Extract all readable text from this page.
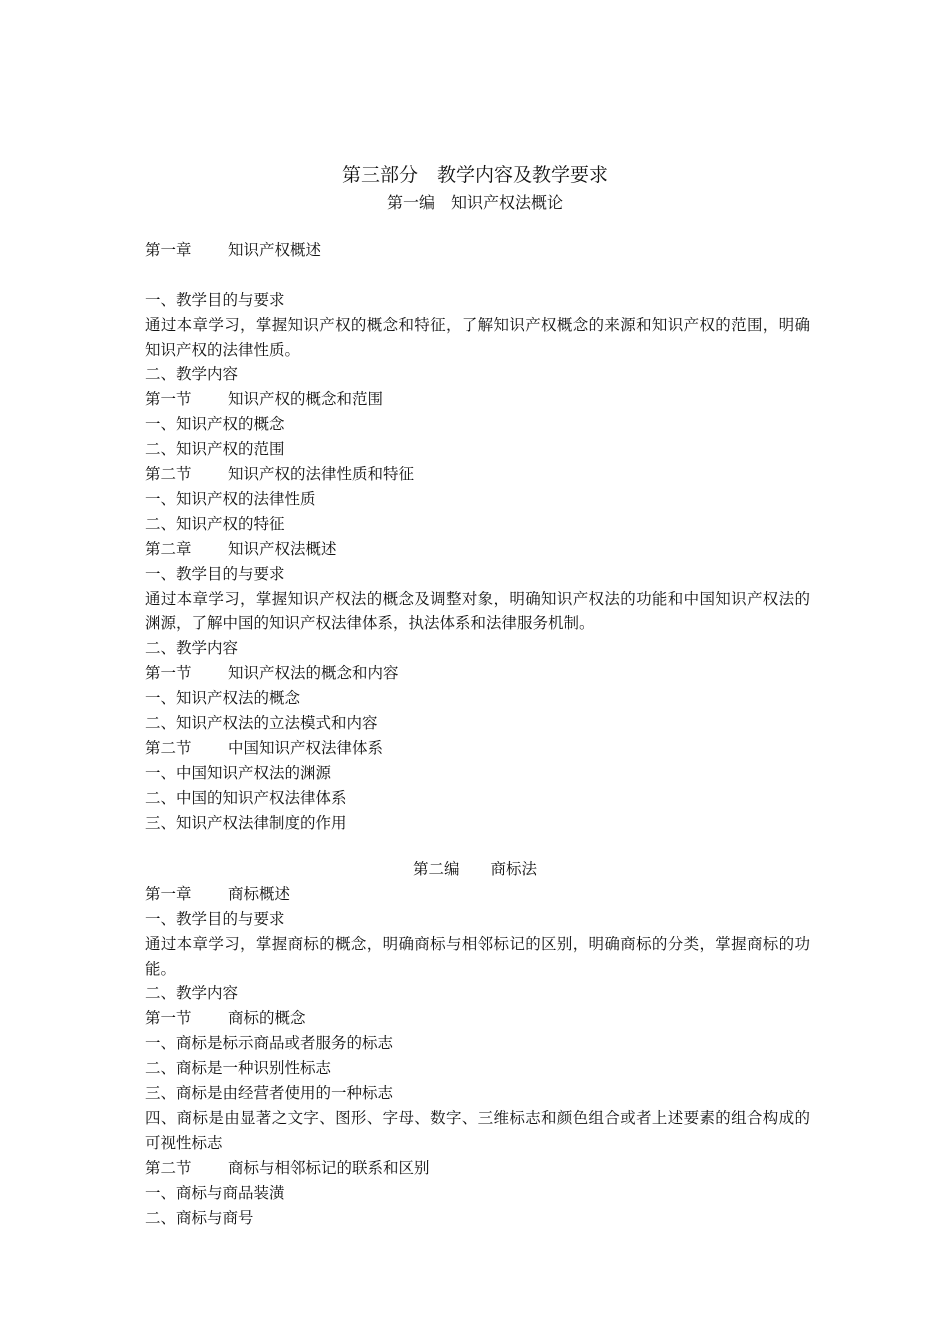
第三部分　教学内容及教学要求
第一编　知识产权法概论
第一章 知识产权概述
一、教学目的与要求
通过本章学习，掌握知识产权的概念和特征，了解知识产权概念的来源和知识产权的范围，明确知识产权的法律性质。
二、教学内容
第一节 知识产权的概念和范围
一、知识产权的概念
二、知识产权的范围
第二节 知识产权的法律性质和特征
一、知识产权的法律性质
二、知识产权的特征
第二章 知识产权法概述
一、教学目的与要求
通过本章学习，掌握知识产权法的概念及调整对象，明确知识产权法的功能和中国知识产权法的渊源，了解中国的知识产权法律体系，执法体系和法律服务机制。
二、教学内容
第一节 知识产权法的概念和内容
一、知识产权法的概念
二、知识产权法的立法模式和内容
第二节 中国知识产权法律体系
一、中国知识产权法的渊源
二、中国的知识产权法律体系
三、知识产权法律制度的作用
第二编　　商标法
第一章 商标概述
一、教学目的与要求
通过本章学习，掌握商标的概念，明确商标与相邻标记的区别，明确商标的分类，掌握商标的功能。
二、教学内容
第一节 商标的概念
一、商标是标示商品或者服务的标志
二、商标是一种识别性标志
三、商标是由经营者使用的一种标志
四、商标是由显著之文字、图形、字母、数字、三维标志和颜色组合或者上述要素的组合构成的可视性标志
第二节 商标与相邻标记的联系和区别
一、商标与商品装潢
二、商标与商号
